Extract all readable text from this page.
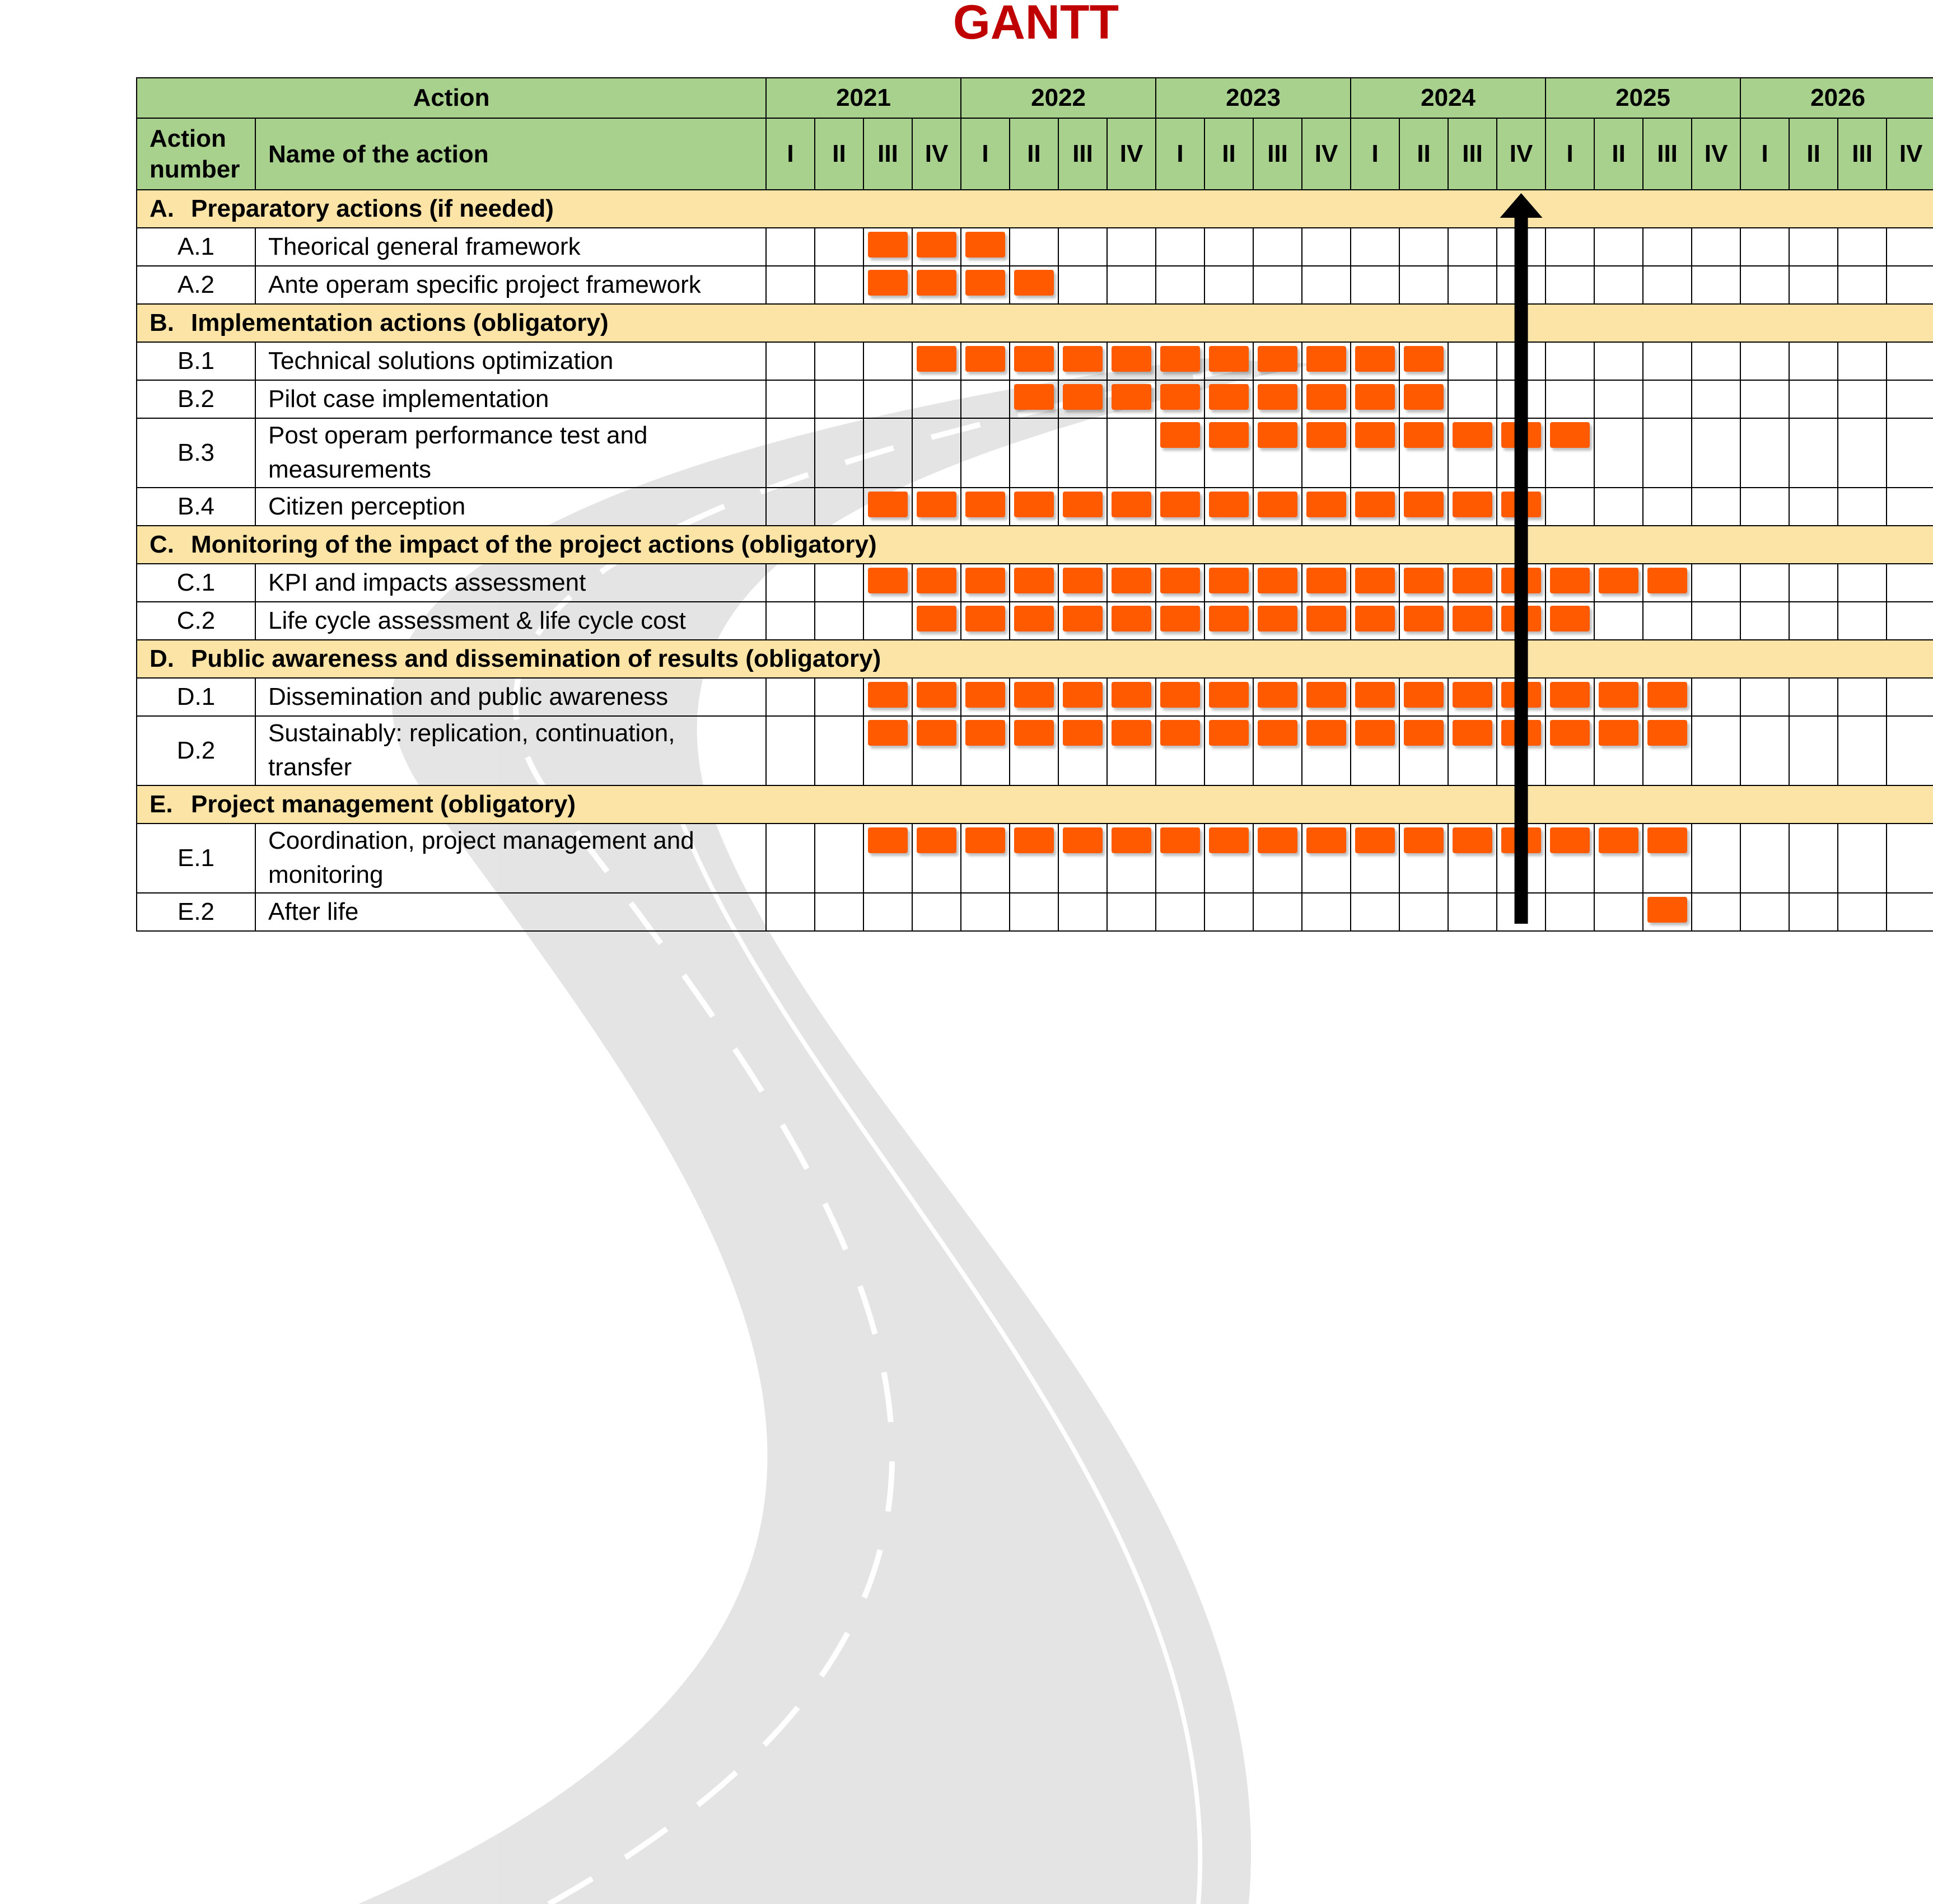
GANTT
Action		2021				2022				2023				2024				2025				2026			
Action number	Name of the action	I	II	III	IV	I	II	III	IV	I	II	III	IV	I	II	III	IV	I	II	III	IV	I	II	III	IV
A. Preparatory actions (if needed)																									
A.1	Theorical general framework			

A.2	Ante operam specific project framework			

B. Implementation actions (obligatory)																									
B.1	Technical solutions optimization				

B.2	Pilot case implementation						

B.3	Post operam performance test and measurements									

B.4	Citizen perception			

C. Monitoring of the impact of the project actions (obligatory)																									
C.1	KPI and impacts assessment			

C.2	Life cycle assessment & life cycle cost				

D. Public awareness and dissemination of results (obligatory)																									
D.1	Dissemination and public awareness			

D.2	Sustainably: replication, continuation, transfer			

E. Project management (obligatory)																									
E.1	Coordination, project management and monitoring			

E.2	After life																			
